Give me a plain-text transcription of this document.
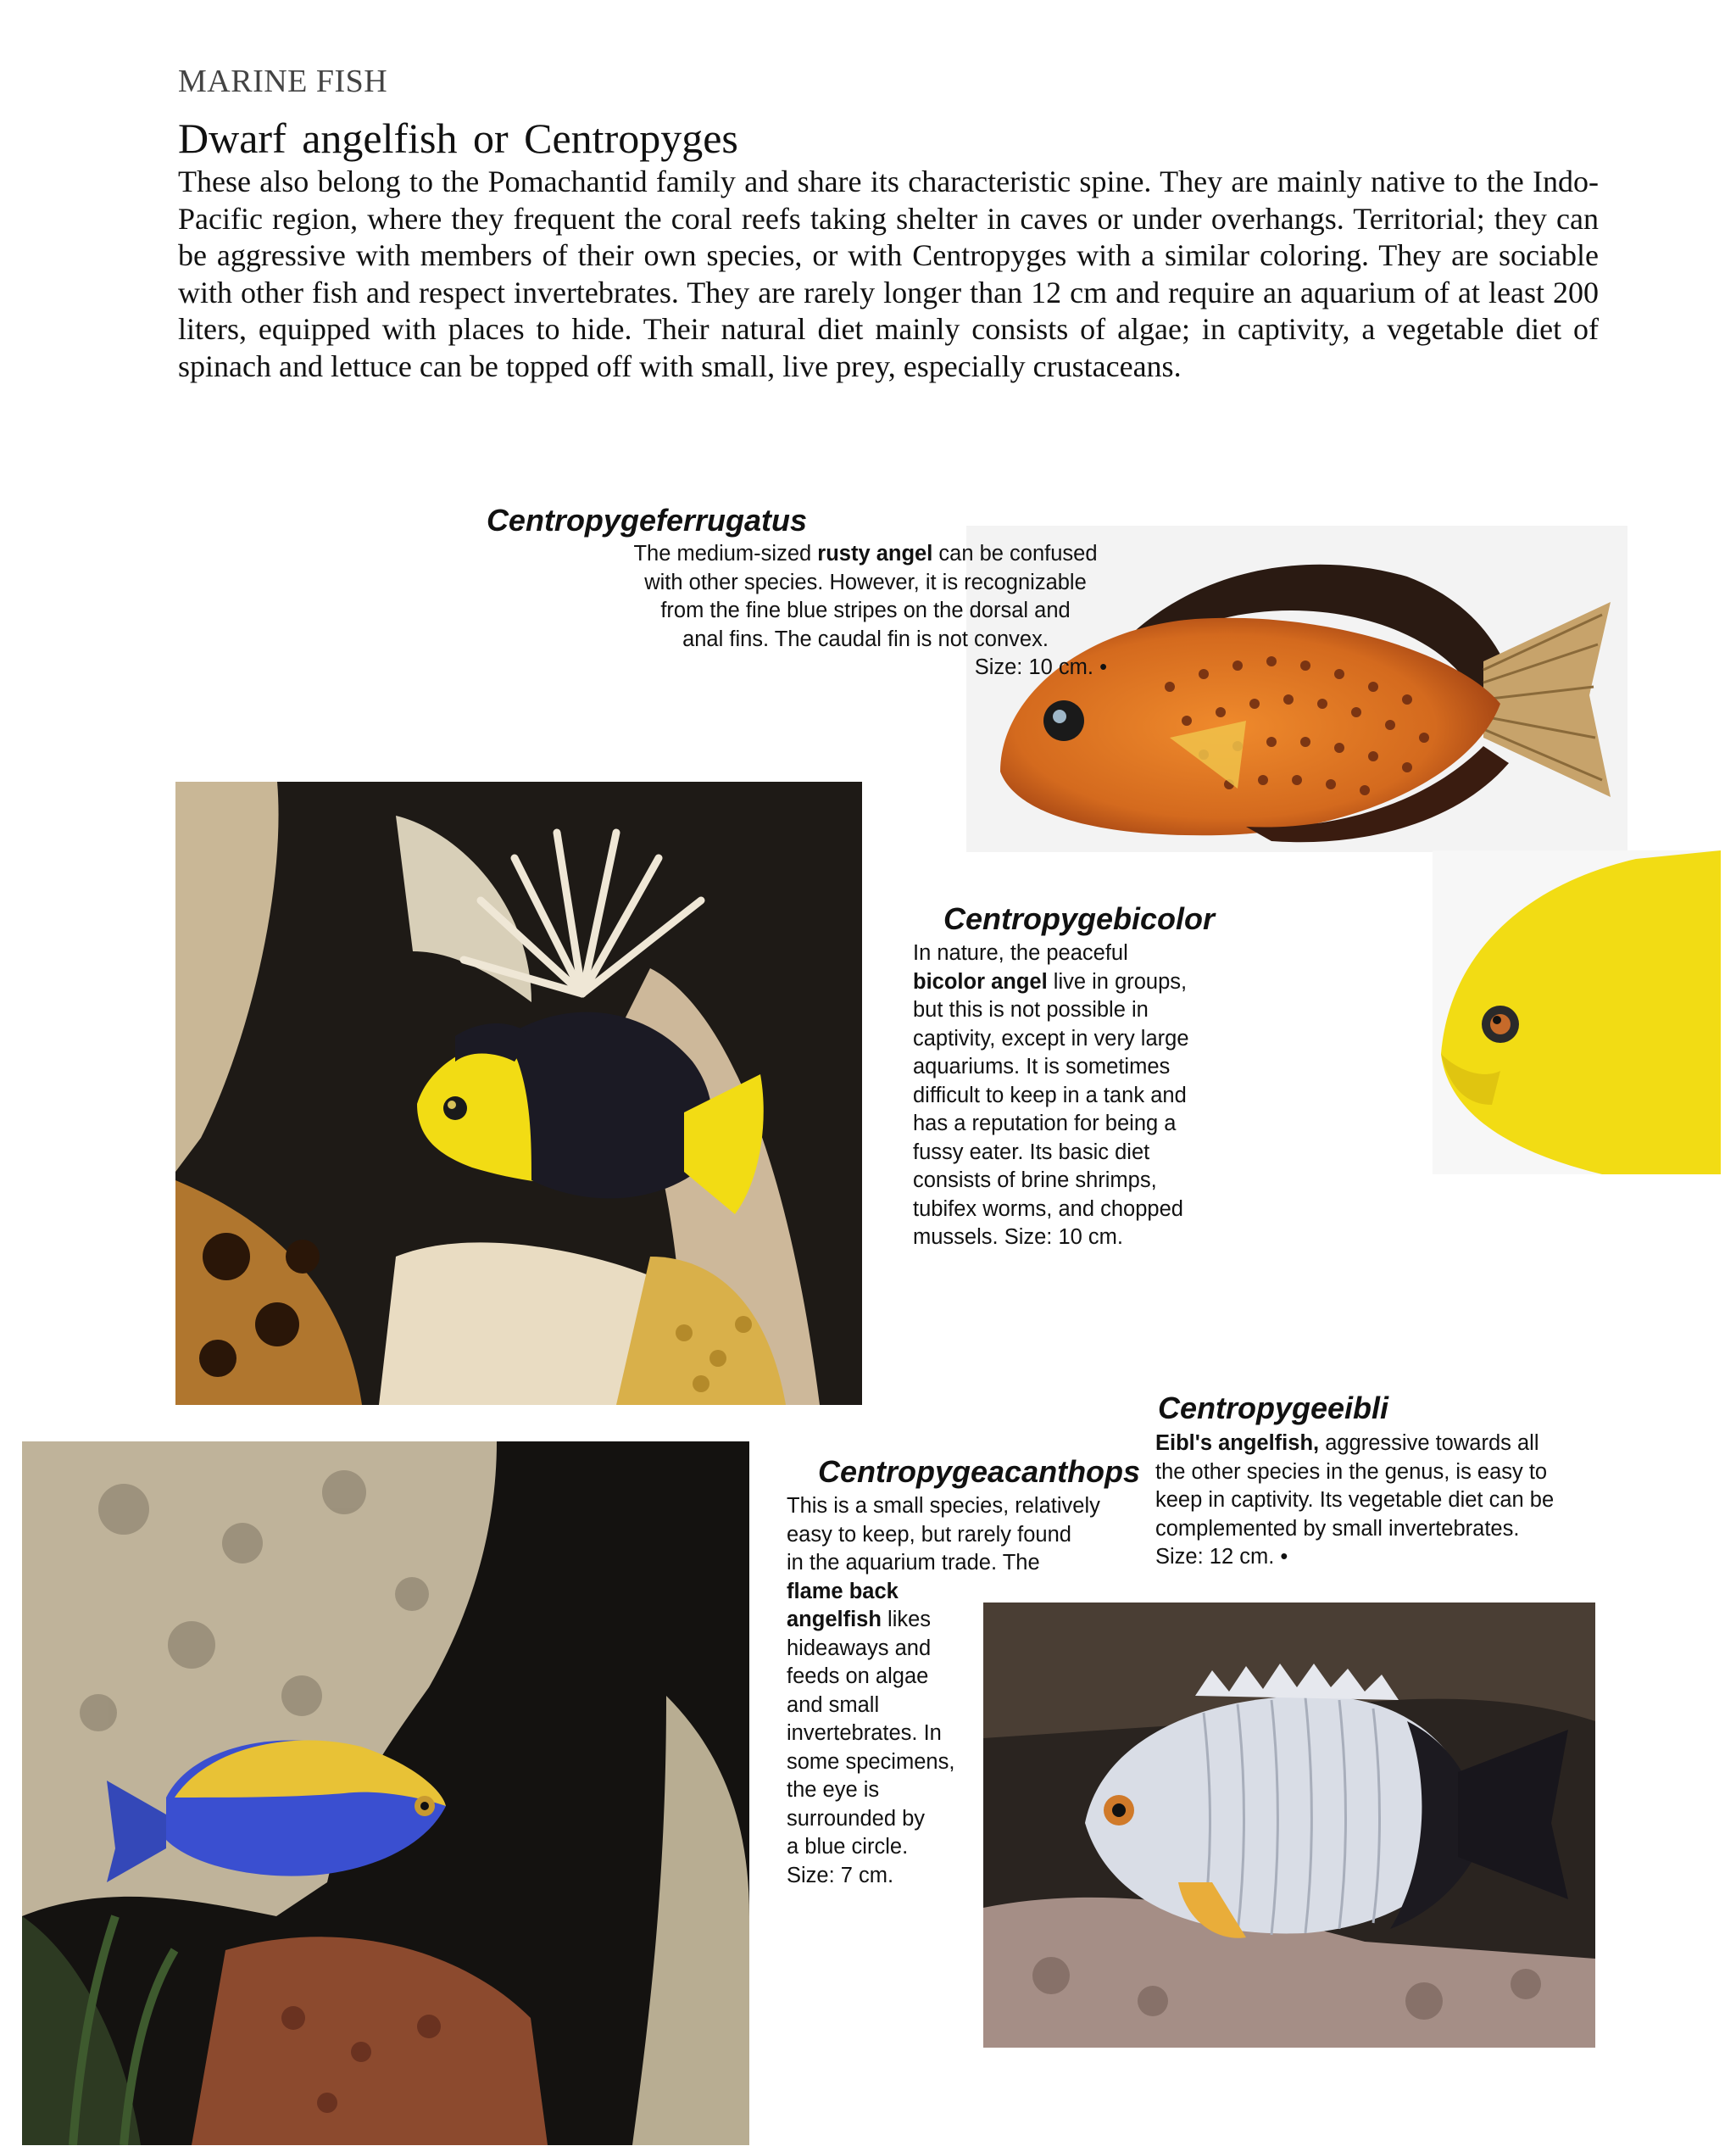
MARINE FISH
Dwarf angelfish or Centropyges
These also belong to the Pomachantid family and share its characteristic spine. They are mainly native to the Indo-Pacific region, where they frequent the coral reefs taking shelter in caves or under overhangs. Territorial; they can be aggressive with members of their own species, or with Centropyges with a similar coloring. They are sociable with other fish and respect invertebrates. They are rarely longer than 12 cm and require an aquarium of at least 200 liters, equipped with places to hide. Their natural diet mainly consists of algae; in captivity, a vegetable diet of spinach and lettuce can be topped off with small, live prey, especially crustaceans.
Centropygeferrugatus
The medium-sized rusty angel can be confused
with other species. However, it is recognizable
from the fine blue stripes on the dorsal and
anal fins. The caudal fin is not convex.
Size: 10 cm. •
Centropygebicolor
In nature, the peaceful
bicolor angel live in groups,
but this is not possible in
captivity, except in very large
aquariums. It is sometimes
difficult to keep in a tank and
has a reputation for being a
fussy eater. Its basic diet
consists of brine shrimps,
tubifex worms, and chopped
mussels. Size: 10 cm.
Centropygeeibli
Eibl's angelfish, aggressive towards all
the other species in the genus, is easy to
keep in captivity. Its vegetable diet can be
complemented by small invertebrates.
Size: 12 cm. •
Centropygeacanthops
This is a small species, relatively
easy to keep, but rarely found
in the aquarium trade. The
flame back
angelfish likes
hideaways and
feeds on algae
and small
invertebrates. In
some specimens,
the eye is
surrounded by
a blue circle.
Size: 7 cm.
